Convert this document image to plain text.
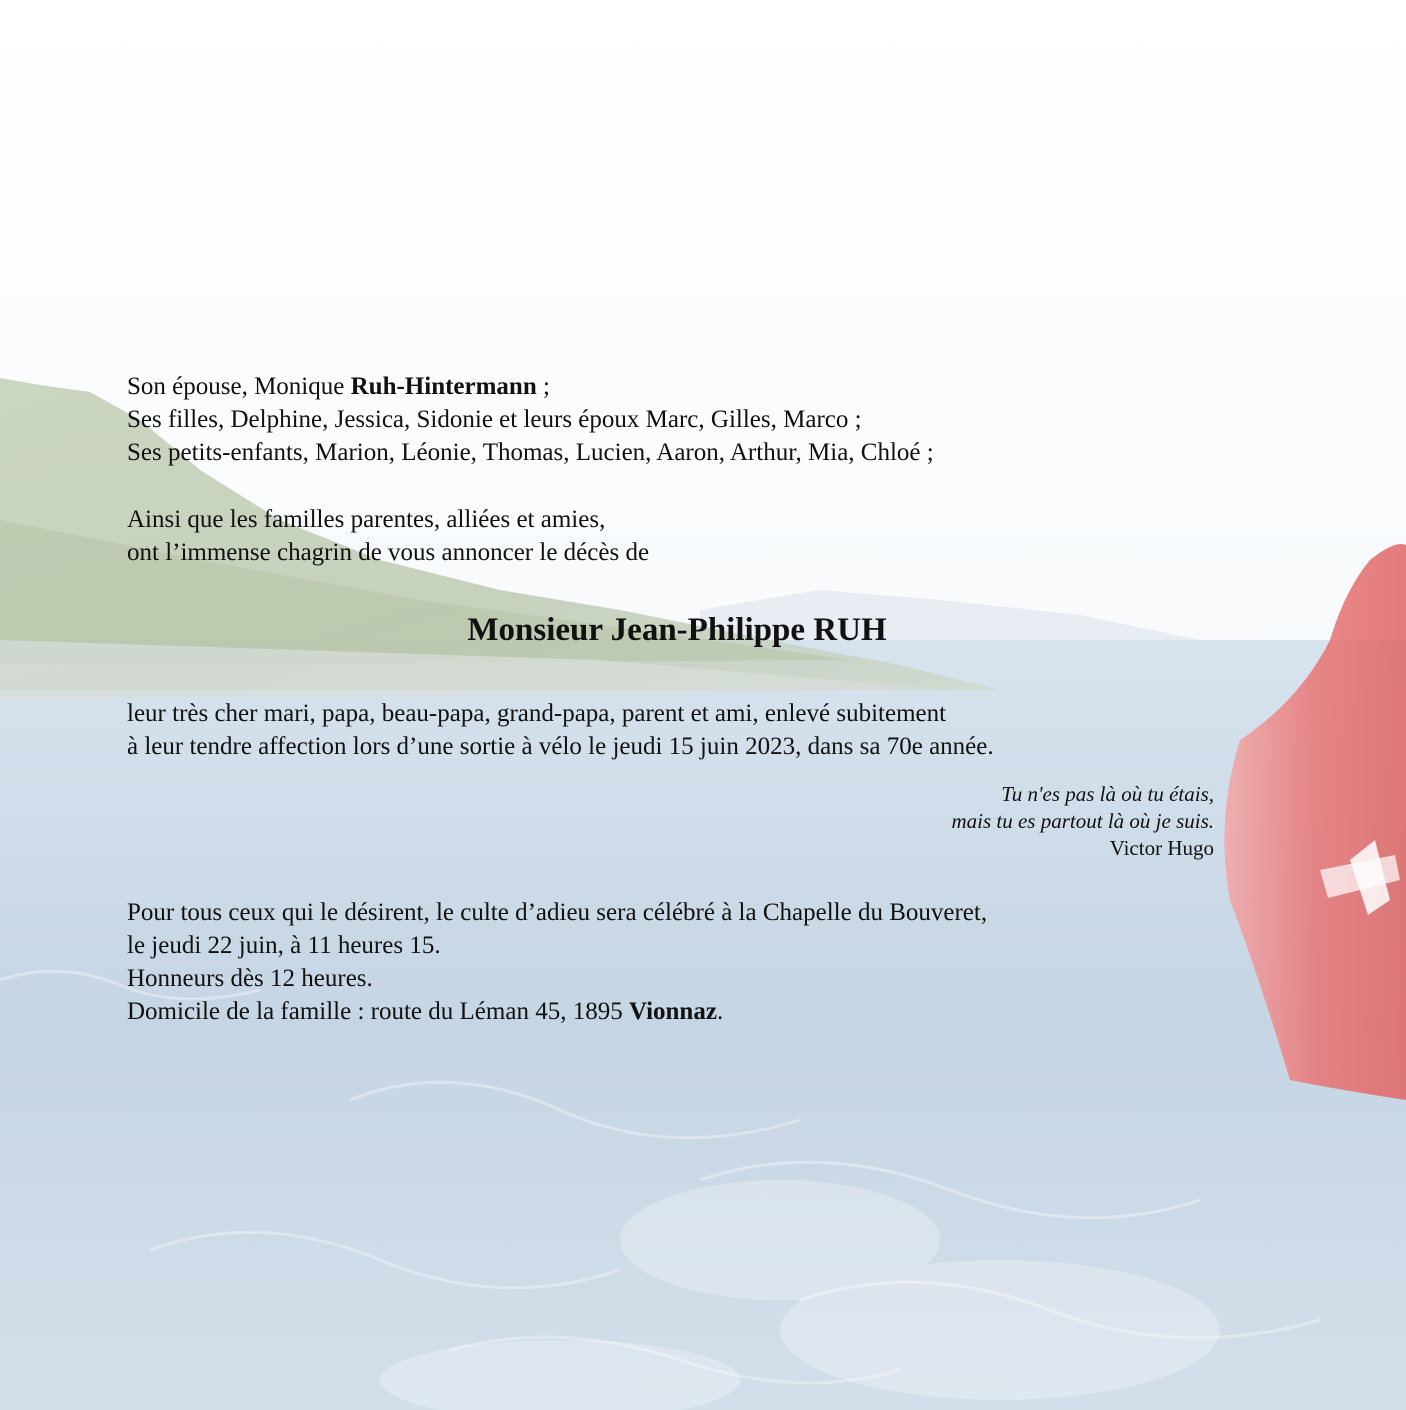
Son épouse, Monique Ruh-Hintermann ;
Ses filles, Delphine, Jessica, Sidonie et leurs époux Marc, Gilles, Marco ;
Ses petits-enfants, Marion, Léonie, Thomas, Lucien, Aaron, Arthur, Mia, Chloé ;
Ainsi que les familles parentes, alliées et amies,
ont l’immense chagrin de vous annoncer le décès de
Monsieur Jean-Philippe RUH
leur très cher mari, papa, beau-papa, grand-papa, parent et ami, enlevé subitement
à leur tendre affection lors d’une sortie à vélo le jeudi 15 juin 2023, dans sa 70e année.
Tu n'es pas là où tu étais,
mais tu es partout là où je suis.
Victor Hugo
Pour tous ceux qui le désirent, le culte d’adieu sera célébré à la Chapelle du Bouveret,
le jeudi 22 juin, à 11 heures 15.
Honneurs dès 12 heures.
Domicile de la famille : route du Léman 45, 1895 Vionnaz.
